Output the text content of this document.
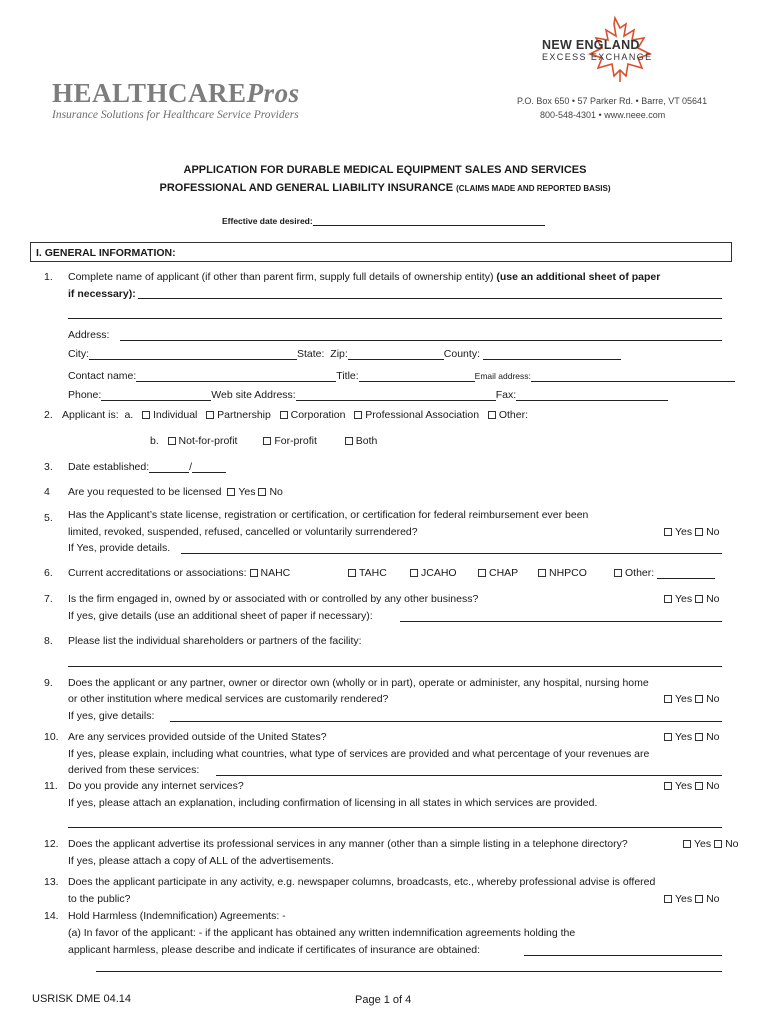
HEALTHCAREPros
Insurance Solutions for Healthcare Service Providers
NEW ENGLAND
EXCESS EXCHANGE
P.O. Box 650 • 57 Parker Rd. • Barre, VT 05641
800-548-4301 • www.neee.com
APPLICATION FOR DURABLE MEDICAL EQUIPMENT SALES AND SERVICES
PROFESSIONAL AND GENERAL LIABILITY INSURANCE (CLAIMS MADE AND REPORTED BASIS)
Effective date desired:
I. GENERAL INFORMATION:
1. Complete name of applicant (if other than parent firm, supply full details of ownership entity) (use an additional sheet of paper
if necessary):
Address:
City:	State: Zip:	County:
Contact name:	Title:	Email address:
Phone:	Web site Address:	Fax:
2. Applicant is: a. Individual Partnership Corporation Professional Association Other:
b. Not-for-profit	For-profit	Both
3. Date established:	/
4 Are you requested to be licensed Yes No
5. Has the Applicant’s state license, registration or certification, or certification for federal reimbursement ever been
limited, revoked, suspended, refused, cancelled or voluntarily surrendered?	Yes No
If Yes, provide details.
6. Current accreditations or associations: NAHC	TAHC	JCAHO	CHAP	NHPCO	Other:
7. Is the firm engaged in, owned by or associated with or controlled by any other business?	Yes No
If yes, give details (use an additional sheet of paper if necessary):
8. Please list the individual shareholders or partners of the facility:
9. Does the applicant or any partner, owner or director own (wholly or in part), operate or administer, any hospital, nursing home
or other institution where medical services are customarily rendered?	Yes No
If yes, give details:
10. Are any services provided outside of the United States?	Yes No
If yes, please explain, including what countries, what type of services are provided and what percentage of your revenues are
derived from these services:
11. Do you provide any internet services?	Yes No
If yes, please attach an explanation, including confirmation of licensing in all states in which services are provided.
12. Does the applicant advertise its professional services in any manner (other than a simple listing in a telephone directory?	Yes No
If yes, please attach a copy of ALL of the advertisements.
13. Does the applicant participate in any activity, e.g. newspaper columns, broadcasts, etc., whereby professional advise is offered
to the public?	Yes No
14. Hold Harmless (Indemnification) Agreements: -
(a) In favor of the applicant: - if the applicant has obtained any written indemnification agreements holding the
applicant harmless, please describe and indicate if certificates of insurance are obtained:
USRISK DME 04.14	Page 1 of 4
